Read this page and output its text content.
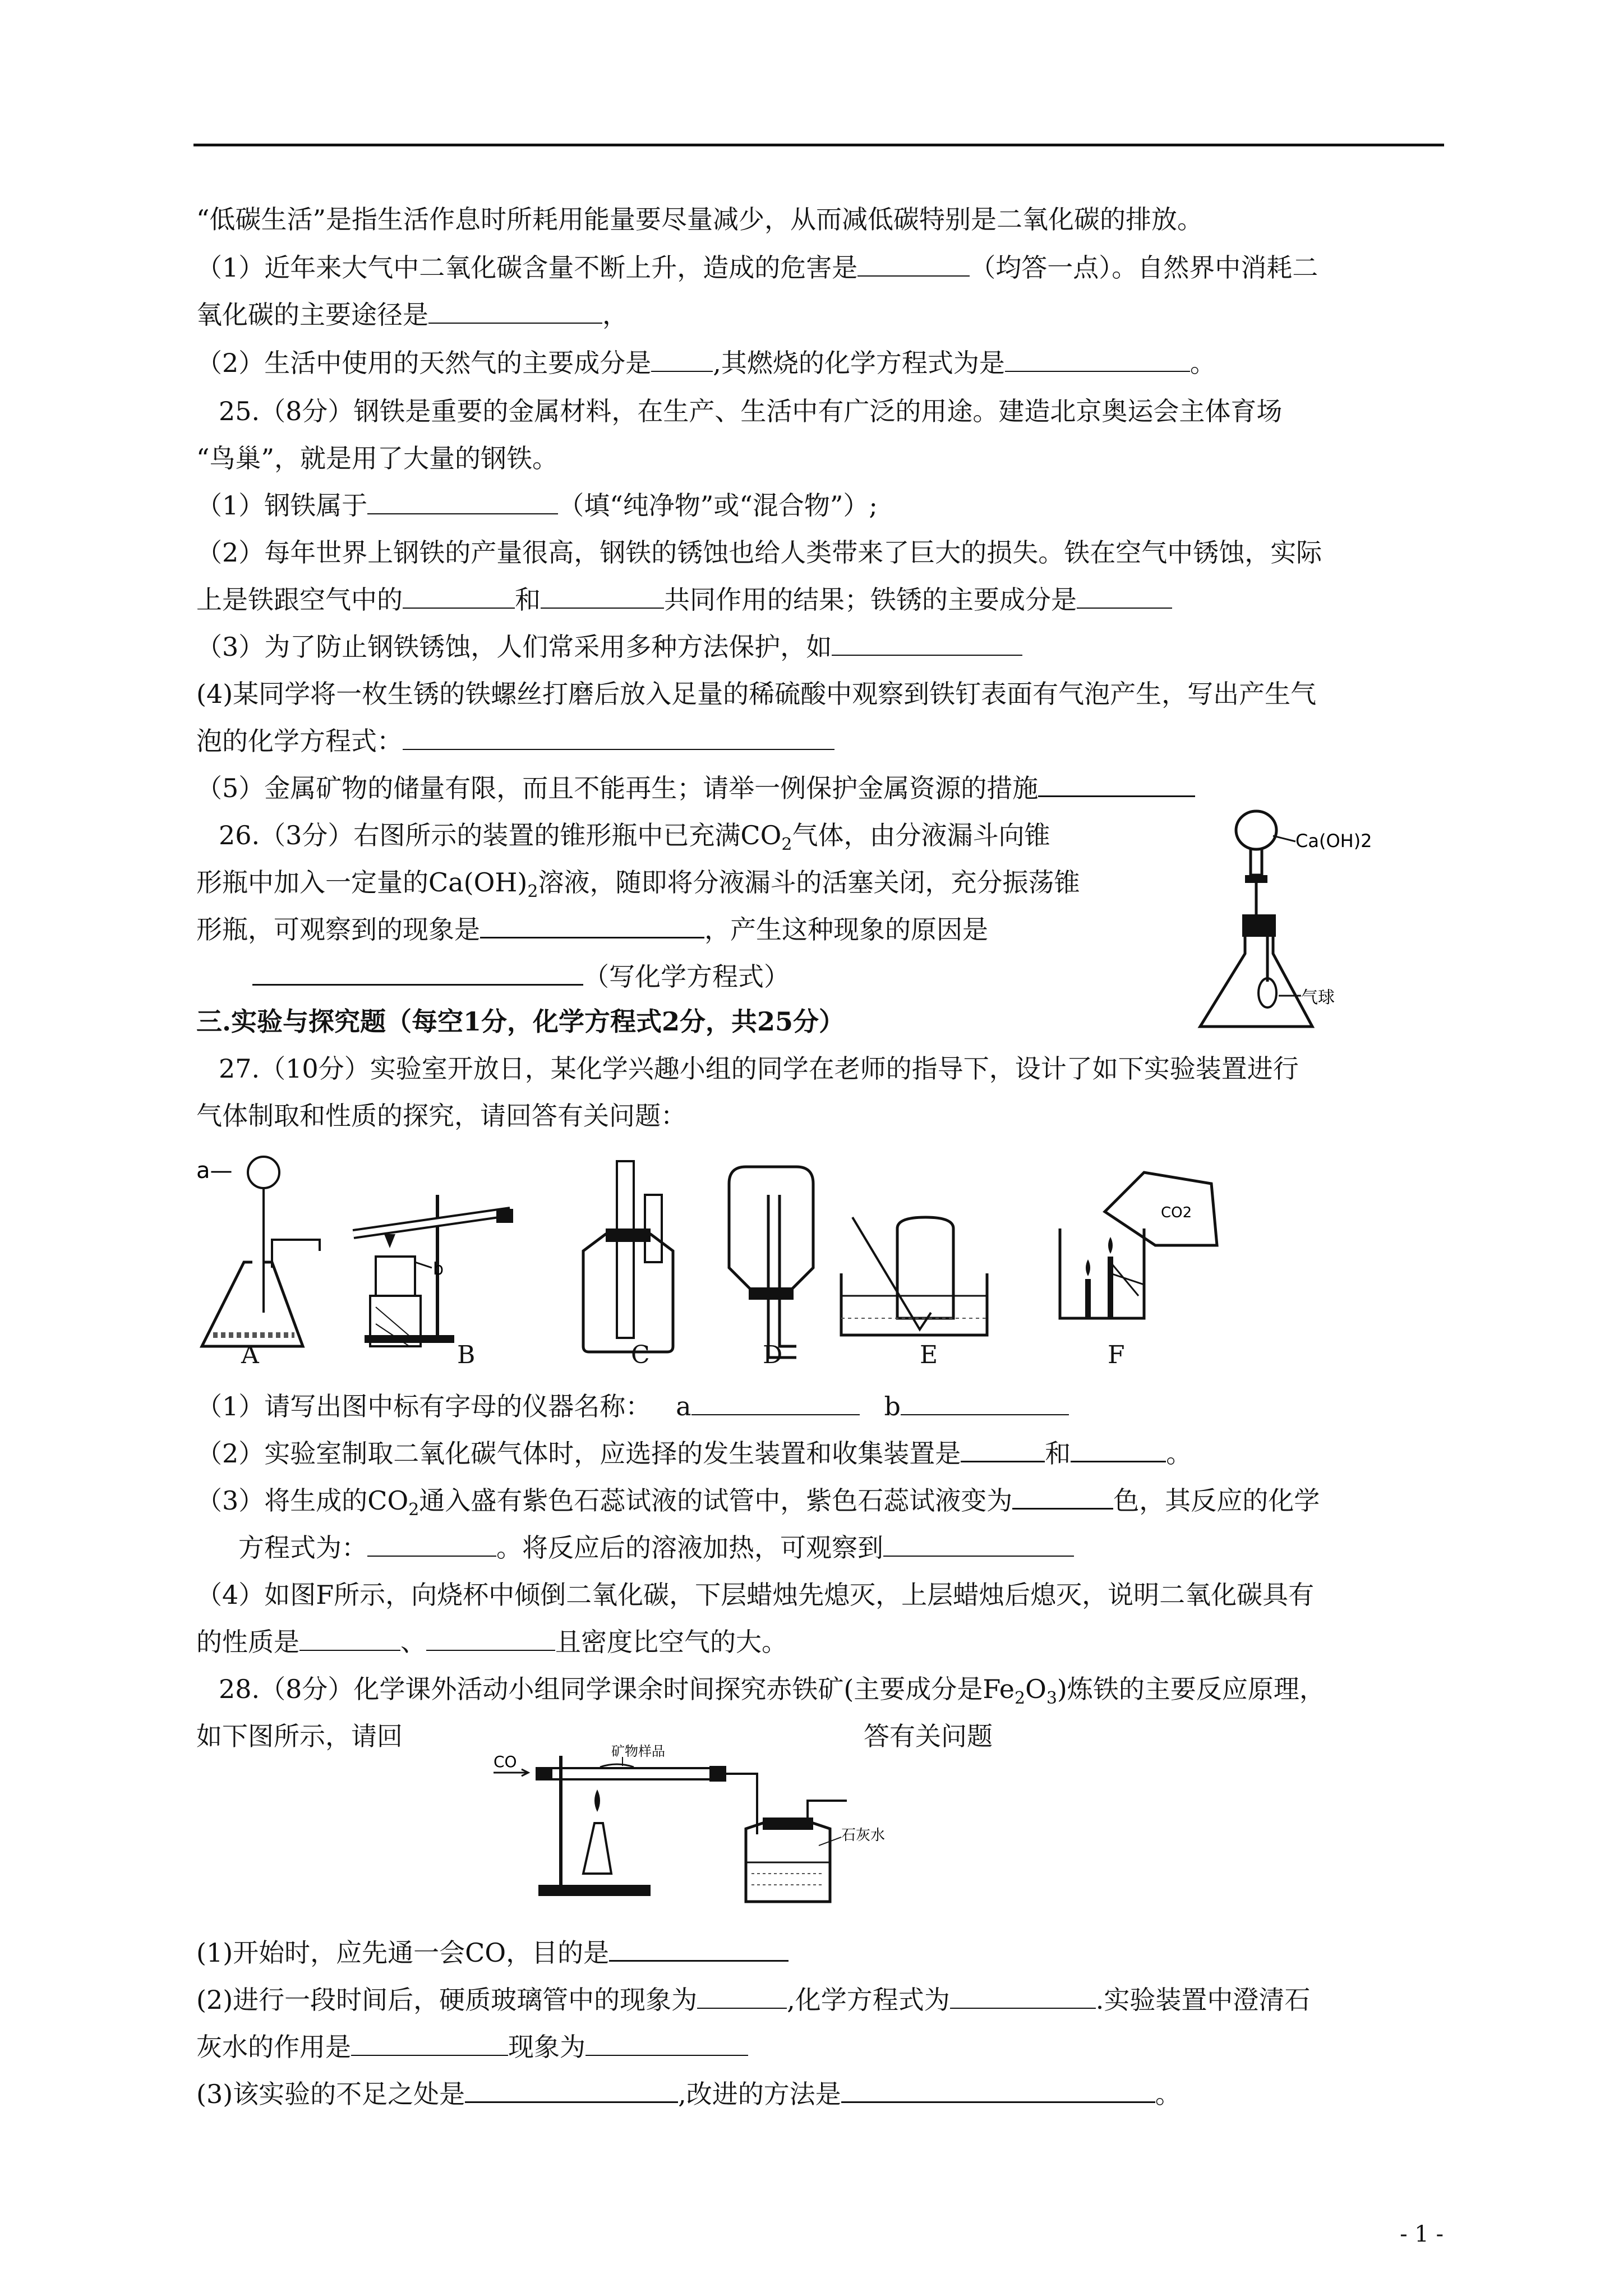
“低碳生活”是指生活作息时所耗用能量要尽量减少，从而减低碳特别是二氧化碳的排放。
（1）近年来大气中二氧化碳含量不断上升，造成的危害是	（均答一点）。自然界中消耗二
氧化碳的主要途径是	，
（2）生活中使用的天然气的主要成分是 ,其燃烧的化学方程式为是	。
25.（8分）钢铁是重要的金属材料，在生产、生活中有广泛的用途。建造北京奥运会主体育场
“鸟巢”，就是用了大量的钢铁。
（1）钢铁属于	（填“纯净物”或“混合物”）;
（2）每年世界上钢铁的产量很高，钢铁的锈蚀也给人类带来了巨大的损失。铁在空气中锈蚀，实际
上是铁跟空气中的	和	共同作用的结果；铁锈的主要成分是
（3）为了防止钢铁锈蚀，人们常采用多种方法保护，如
(4)某同学将一枚生锈的铁螺丝打磨后放入足量的稀硫酸中观察到铁钉表面有气泡产生，写出产生气
泡的化学方程式：
（5）金属矿物的储量有限，而且不能再生；请举一例保护金属资源的措施
26.（3分）右图所示的装置的锥形瓶中已充满$CO_2$气体，由分液漏斗向锥
形瓶中加入一定量的$Ca(OH)_2$溶液，随即将分液漏斗的活塞关闭，充分振荡锥
形瓶，可观察到的现象是	，产生这种现象的原因是
（写化学方程式）
Ca(OH)2
气球
三.实验与探究题（每空1分，化学方程式2分，共25分）
27.（10分）实验室开放日，某化学兴趣小组的同学在老师的指导下，设计了如下实验装置进行
气体制取和性质的探究，请回答有关问题：
a—
b
CO2
A	B	C	D	E	F
（1）请写出图中标有字母的仪器名称： a	b
（2）实验室制取二氧化碳气体时，应选择的发生装置和收集装置是	和	。
（3）将生成的$CO_2$通入盛有紫色石蕊试液的试管中，紫色石蕊试液变为	色，其反应的化学
方程式为：	。将反应后的溶液加热，可观察到
（4）如图F所示，向烧杯中倾倒二氧化碳，下层蜡烛先熄灭，上层蜡烛后熄灭，说明二氧化碳具有
的性质是	、	且密度比空气的大。
28.（8分）化学课外活动小组同学课余时间探究赤铁矿(主要成分是$Fe_2O_3$)炼铁的主要反应原理，
如下图所示，请回	答有关问题
CO
矿物样品
石灰水
(1)开始时，应先通一会CO，目的是
(2)进行一段时间后，硬质玻璃管中的现象为	,化学方程式为	.实验装置中澄清石
灰水的作用是	现象为
(3)该实验的不足之处是	,改进的方法是	。
- 1 -
